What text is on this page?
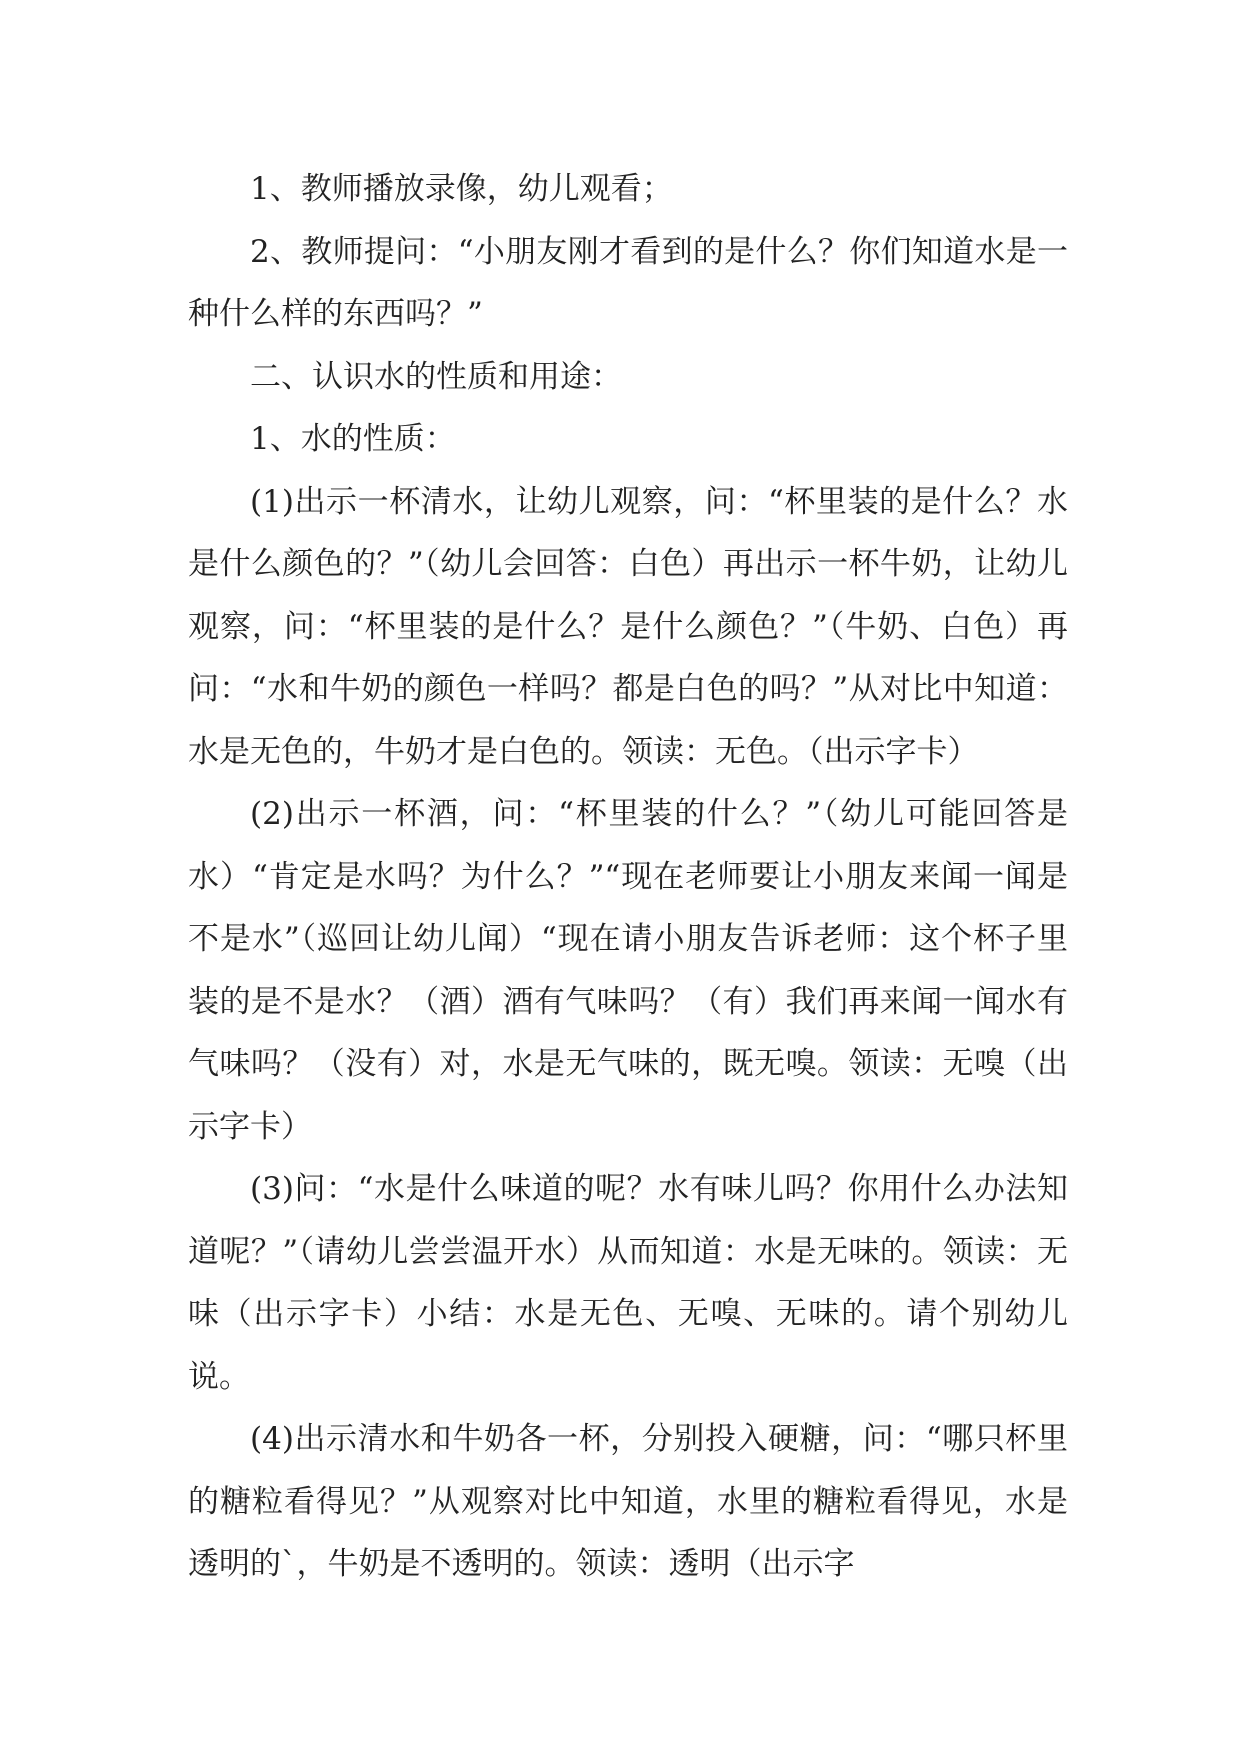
1、教师播放录像，幼儿观看；

2、教师提问：“小朋友刚才看到的是什么？你们知道水是一种什么样的东西吗？”

二、认识水的性质和用途：

1、水的性质：

(1)出示一杯清水，让幼儿观察，问：“杯里装的是什么？水是什么颜色的？”（幼儿会回答：白色）再出示一杯牛奶，让幼儿观察，问：“杯里装的是什么？是什么颜色？”（牛奶、白色）再问：“水和牛奶的颜色一样吗？都是白色的吗？”从对比中知道：水是无色的，牛奶才是白色的。领读：无色。（出示字卡）

(2)出示一杯酒，问：“杯里装的什么？”（幼儿可能回答是水）“肯定是水吗？为什么？”“现在老师要让小朋友来闻一闻是不是水”（巡回让幼儿闻）“现在请小朋友告诉老师：这个杯子里装的是不是水？（酒）酒有气味吗？（有）我们再来闻一闻水有气味吗？（没有）对，水是无气味的，既无嗅。领读：无嗅（出示字卡）

(3)问：“水是什么味道的呢？水有味儿吗？你用什么办法知道呢？”（请幼儿尝尝温开水）从而知道：水是无味的。领读：无味（出示字卡）小结：水是无色、无嗅、无味的。请个别幼儿说。

(4)出示清水和牛奶各一杯，分别投入硬糖，问：“哪只杯里的糖粒看得见？”从观察对比中知道，水里的糖粒看得见，水是透明的`，牛奶是不透明的。领读：透明（出示字
